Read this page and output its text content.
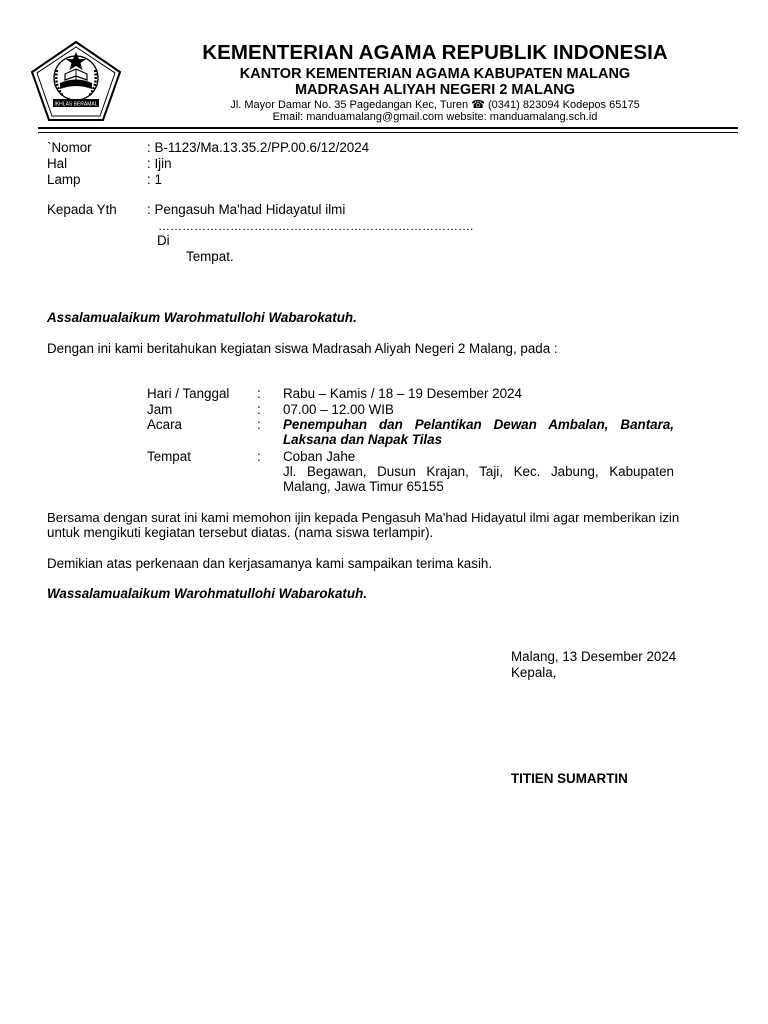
IKHLAS BERAMAL
KEMENTERIAN AGAMA REPUBLIK INDONESIA
KANTOR KEMENTERIAN AGAMA KABUPATEN MALANG
MADRASAH ALIYAH NEGERI 2 MALANG
Jl. Mayor Damar No. 35 Pagedangan Kec, Turen ☎ (0341) 823094 Kodepos 65175
Email: manduamalang@gmail.com website: manduamalang.sch.id
`Nomor	: B-1123/Ma.13.35.2/PP.00.6/12/2024
Hal	: Ijin
Lamp	: 1
Kepada Yth : Pengasuh Ma'had Hidayatul ilmi
…………………………………………………………………….
Di
Tempat.
Assalamualaikum Warohmatullohi Wabarokatuh.
Dengan ini kami beritahukan kegiatan siswa Madrasah Aliyah Negeri 2 Malang, pada :
Hari / Tanggal : Rabu – Kamis / 18 – 19 Desember 2024
Jam	: 07.00 – 12.00 WIB
Acara	: Penempuhan dan Pelantikan Dewan Ambalan, Bantara,
Laksana dan Napak Tilas
Tempat	: Coban Jahe
Jl. Begawan, Dusun Krajan, Taji, Kec. Jabung, Kabupaten
Malang, Jawa Timur 65155
Bersama dengan surat ini kami memohon ijin kepada Pengasuh Ma'had Hidayatul ilmi agar memberikan izin
untuk mengikuti kegiatan tersebut diatas. (nama siswa terlampir).
Demikian atas perkenaan dan kerjasamanya kami sampaikan terima kasih.
Wassalamualaikum Warohmatullohi Wabarokatuh.
Malang, 13 Desember 2024
Kepala,
TITIEN SUMARTIN
